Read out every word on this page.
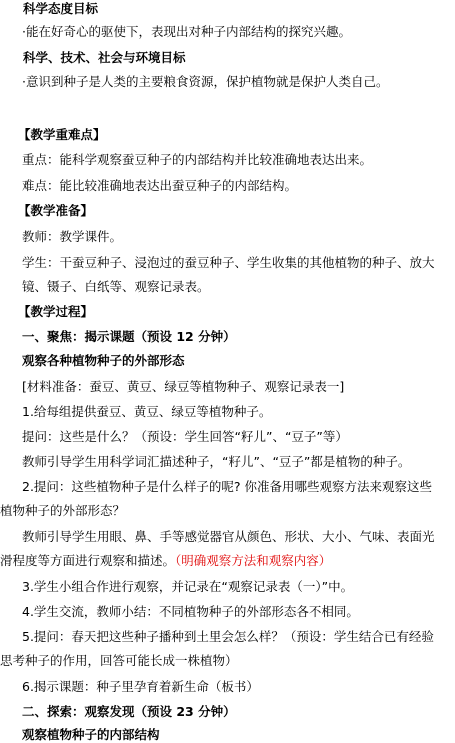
科学态度目标
·能在好奇心的驱使下，表现出对种子内部结构的探究兴趣。
科学、技术、社会与环境目标
·意识到种子是人类的主要粮食资源，保护植物就是保护人类自己。
【教学重难点】
重点：能科学观察蚕豆种子的内部结构并比较准确地表达出来。
难点：能比较准确地表达出蚕豆种子的内部结构。
【教学准备】
教师：教学课件。
学生：干蚕豆种子、浸泡过的蚕豆种子、学生收集的其他植物的种子、放大
镜、镊子、白纸等、观察记录表。
【教学过程】
一、聚焦：揭示课题（预设 12 分钟）
观察各种植物种子的外部形态
[材料准备：蚕豆、黄豆、绿豆等植物种子、观察记录表一]
1.给每组提供蚕豆、黄豆、绿豆等植物种子。
提问：这些是什么？（预设：学生回答“籽儿”、“豆子”等）
教师引导学生用科学词汇描述种子，“籽儿”、“豆子”都是植物的种子。
2.提问：这些植物种子是什么样子的呢? 你准备用哪些观察方法来观察这些
植物种子的外部形态？
教师引导学生用眼、鼻、手等感觉器官从颜色、形状、大小、气味、表面光
滑程度等方面进行观察和描述。（明确观察方法和观察内容）
3.学生小组合作进行观察，并记录在“观察记录表（一）”中。
4.学生交流，教师小结：不同植物种子的外部形态各不相同。
5.提问：春天把这些种子播种到土里会怎么样？（预设：学生结合已有经验
思考种子的作用，回答可能长成一株植物）
6.揭示课题：种子里孕育着新生命（板书）
二、探索：观察发现（预设 23 分钟）
观察植物种子的内部结构
